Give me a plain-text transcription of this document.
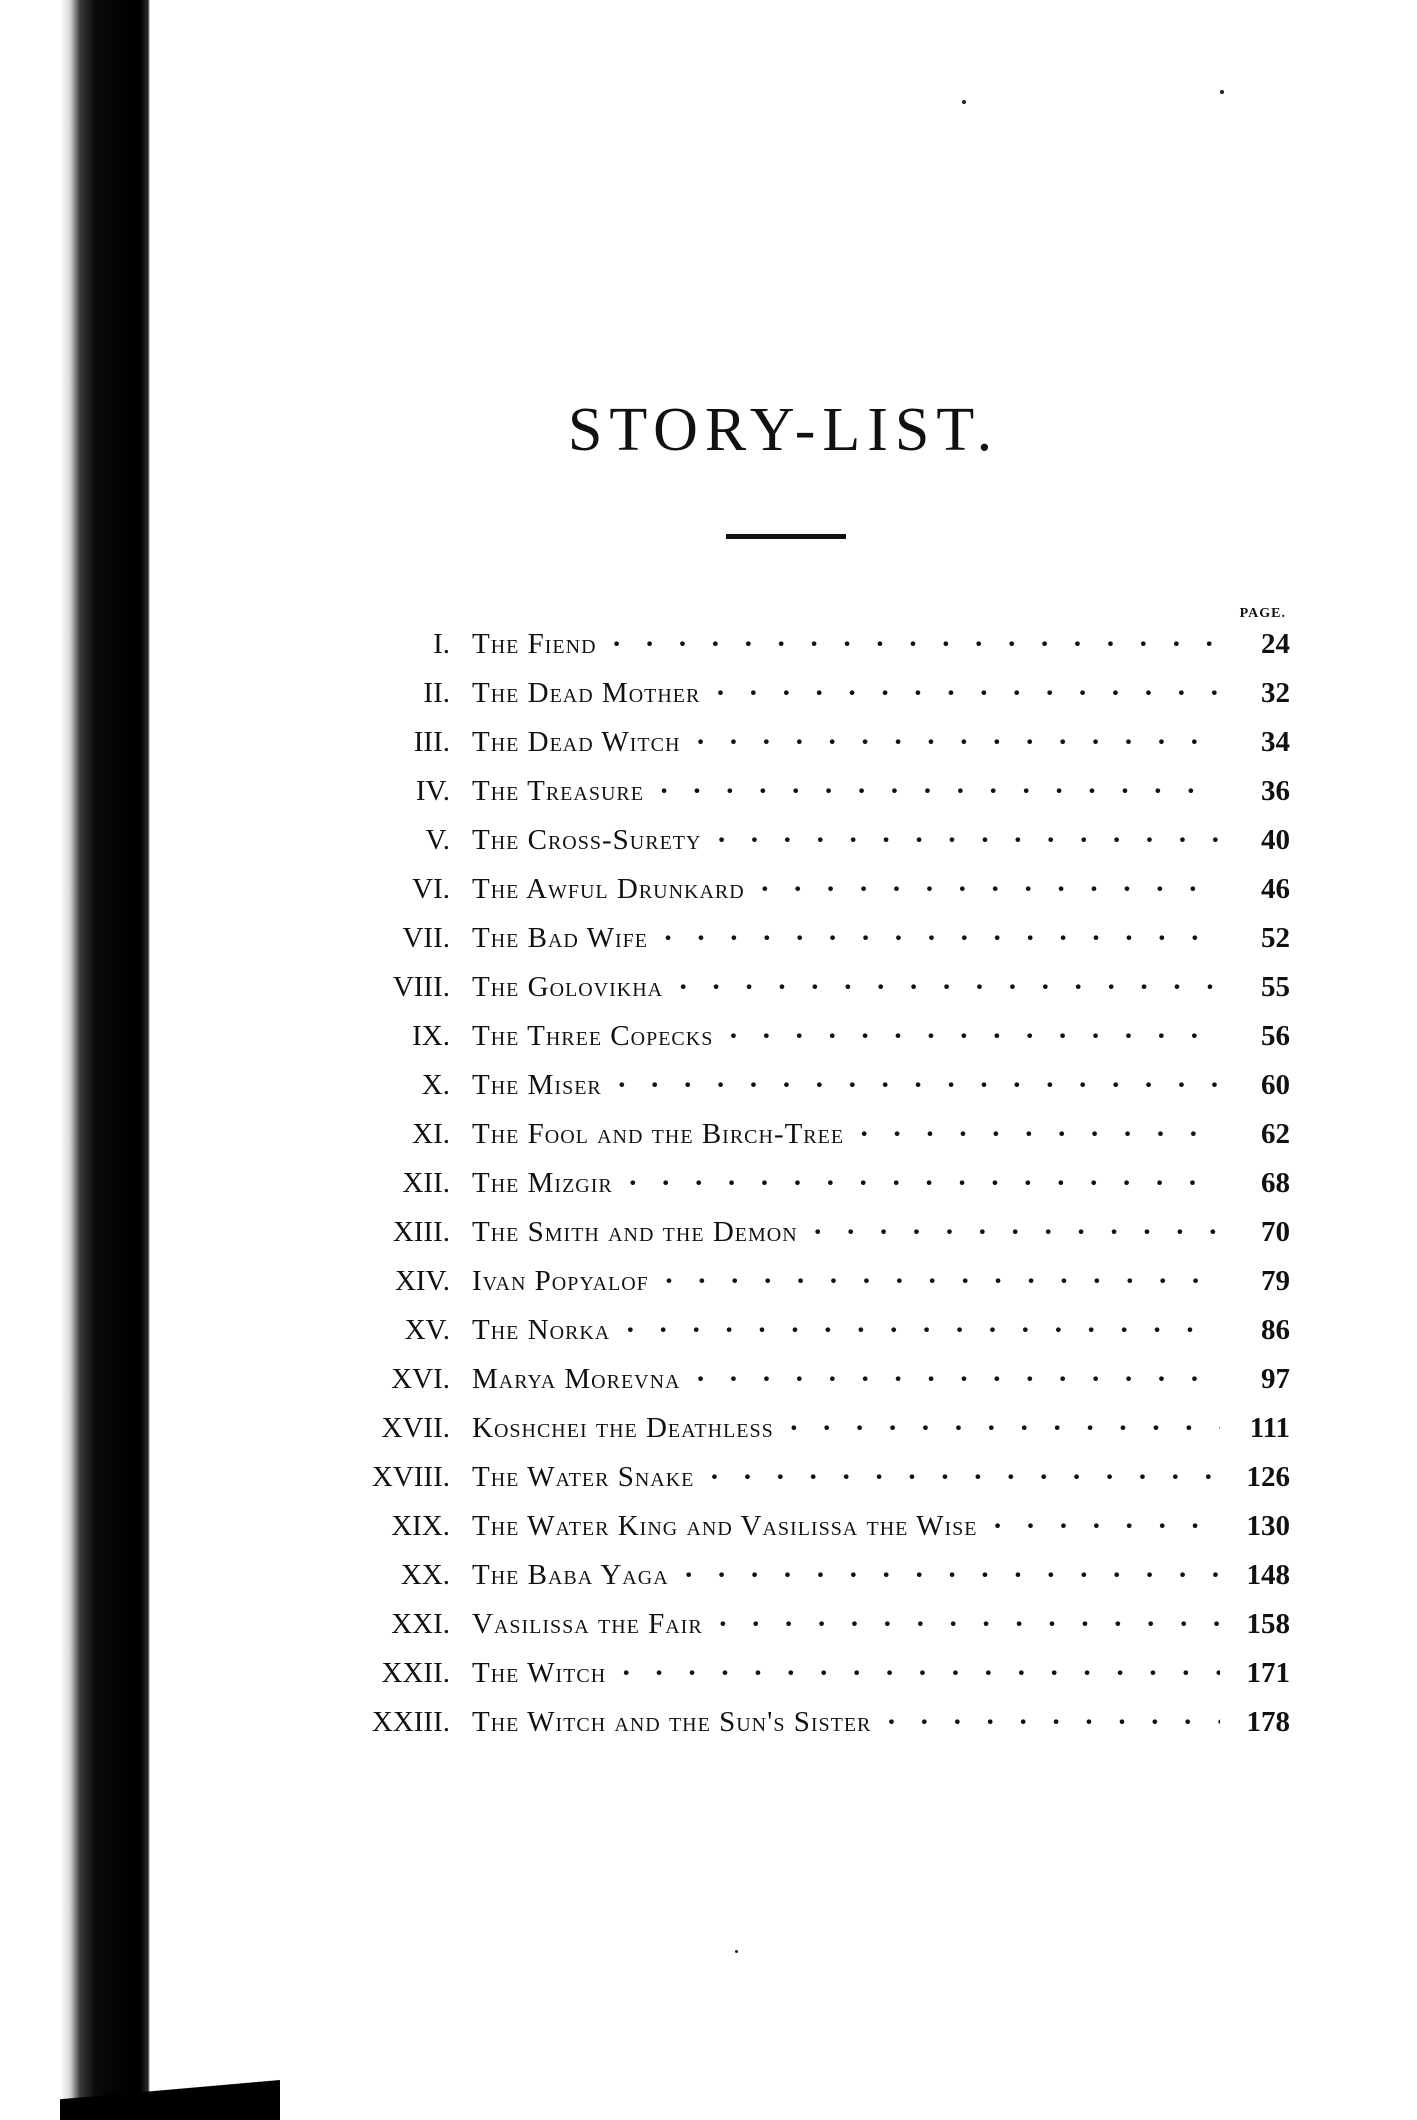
STORY-LIST.
PAGE.
I. The Fiend · ·	24
II. The Dead Mother · ·	32
III. The Dead Witch · ·	34
IV. The Treasure · ·	36
V. The Cross-Surety · ·	40
VI. The Awful Drunkard · ·	46
VII. The Bad Wife · ·	52
VIII. The Golovikha · ·	55
IX. The Three Copecks · ·	56
X. The Miser · ·	60
XI. The Fool and the Birch-Tree · ·	62
XII. The Mizgir · ·	68
XIII. The Smith and the Demon · ·	70
XIV. Ivan Popyalof · ·	79
XV. The Norka · ·	86
XVI. Marya Morevna · ·	97
XVII. Koshchei the Deathless · ·	111
XVIII. The Water Snake · ·	126
XIX. The Water King and Vasilissa the Wise · ·	130
XX. The Baba Yaga · ·	148
XXI. Vasilissa the Fair · ·	158
XXII. The Witch · ·	171
XXIII. The Witch and the Sun's Sister · ·	178
